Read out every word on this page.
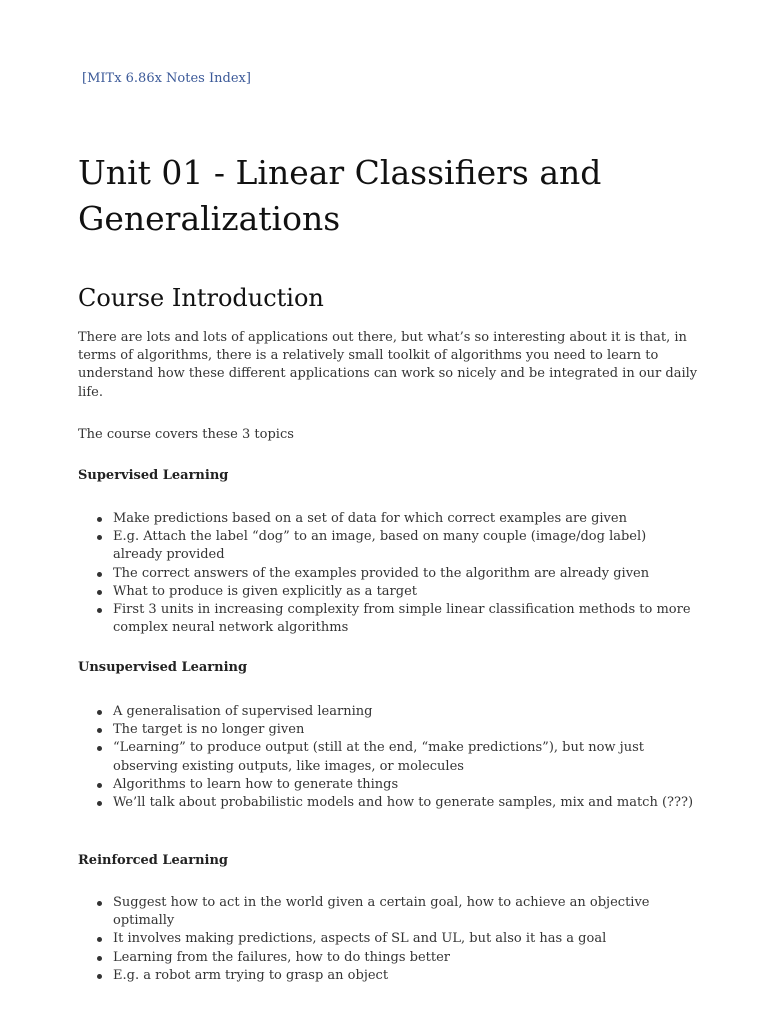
[MITx 6.86x Notes Index]
Unit 01 - Linear Classifiers and Generalizations
Course Introduction

There are lots and lots of applications out there, but what’s so interesting about it is that, in terms of algorithms, there is a relatively small toolkit of algorithms you need to learn to understand how these different applications can work so nicely and be integrated in our daily life.

The course covers these 3 topics

Supervised Learning
Make predictions based on a set of data for which correct examples are given
E.g. Attach the label “dog” to an image, based on many couple (image/dog label) already provided
The correct answers of the examples provided to the algorithm are already given
What to produce is given explicitly as a target
First 3 units in increasing complexity from simple linear classification methods to more complex neural network algorithms
Unsupervised Learning
A generalisation of supervised learning
The target is no longer given
“Learning” to produce output (still at the end, “make predictions”), but now just observing existing outputs, like images, or molecules
Algorithms to learn how to generate things
We’ll talk about probabilistic models and how to generate samples, mix and match (???)
Reinforced Learning
Suggest how to act in the world given a certain goal, how to achieve an objective optimally
It involves making predictions, aspects of SL and UL, but also it has a goal
Learning from the failures, how to do things better
E.g. a robot arm trying to grasp an object
